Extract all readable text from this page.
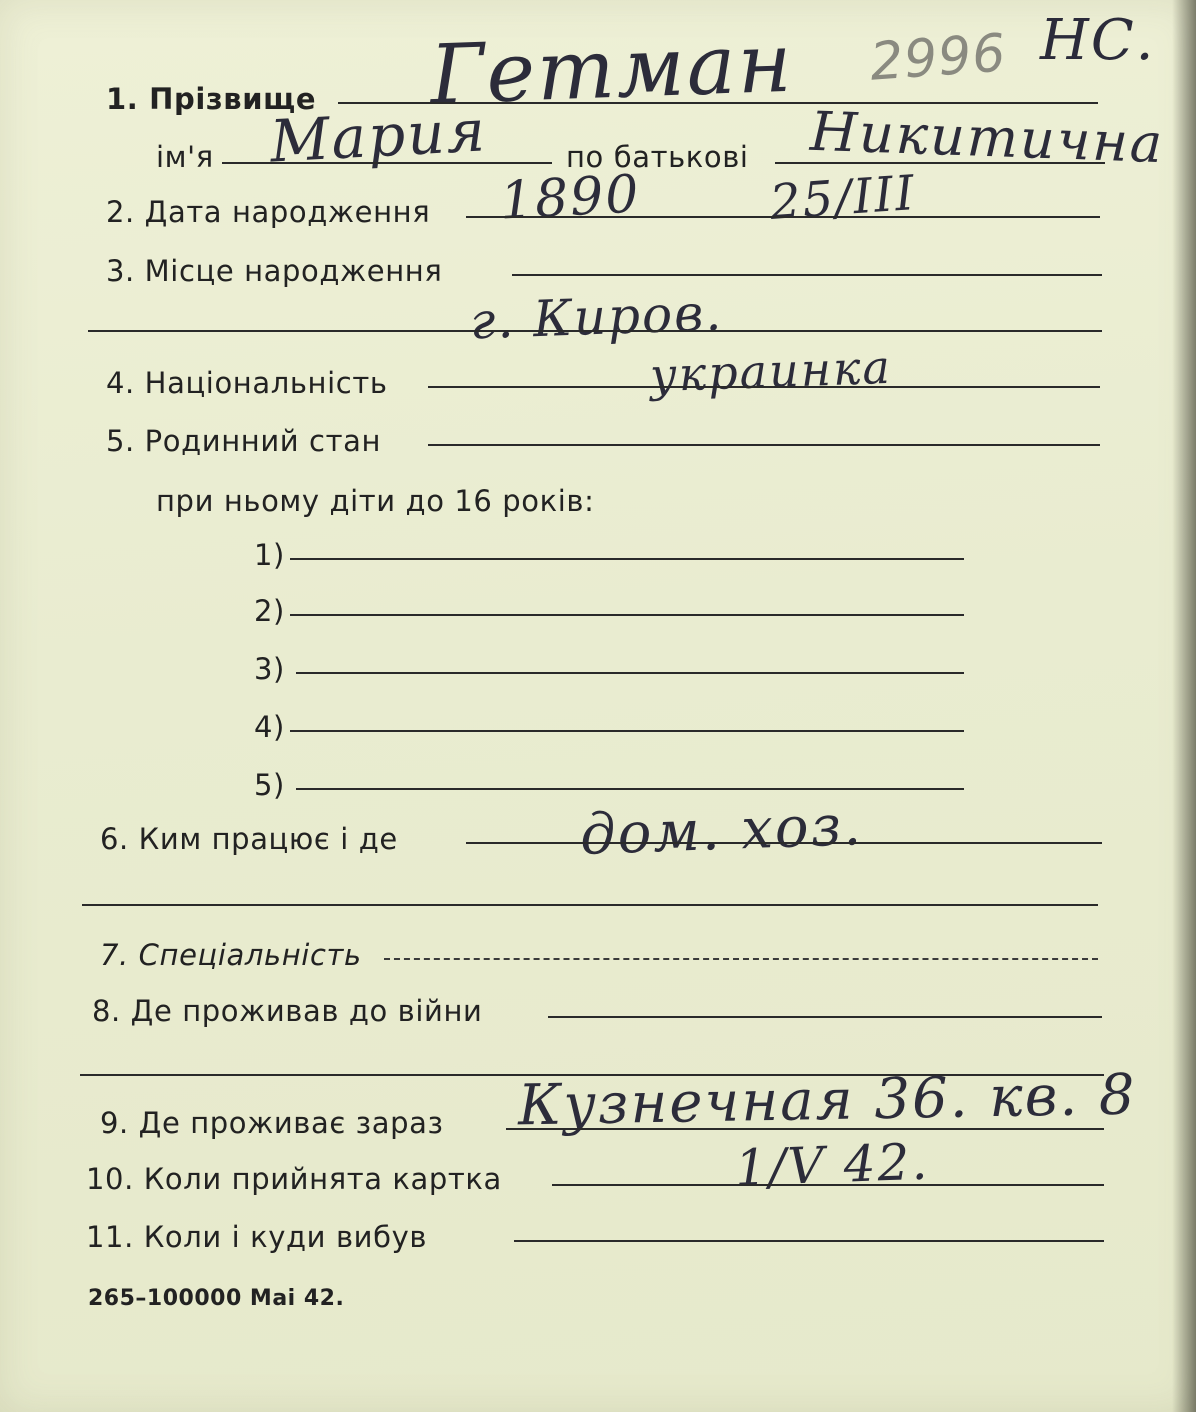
2996 НС.
1. Прізвище Гетман
ім'я Мария	по батькові Никитична
2. Дата народження 1890	25/III
3. Місце народження
г. Киров.
4. Національність	украинка
5. Родинний стан
при ньому діти до 16 років:
1)
2)
3)
4)
5)
6. Ким працює і де	дом. хоз.
7. Спеціальність
8. Де проживав до війни
9. Де проживає зараз Кузнечная 36. кв. 8
10. Коли прийнята картка	1/V 42.
11. Коли і куди вибув
265–100000 Mai 42.
